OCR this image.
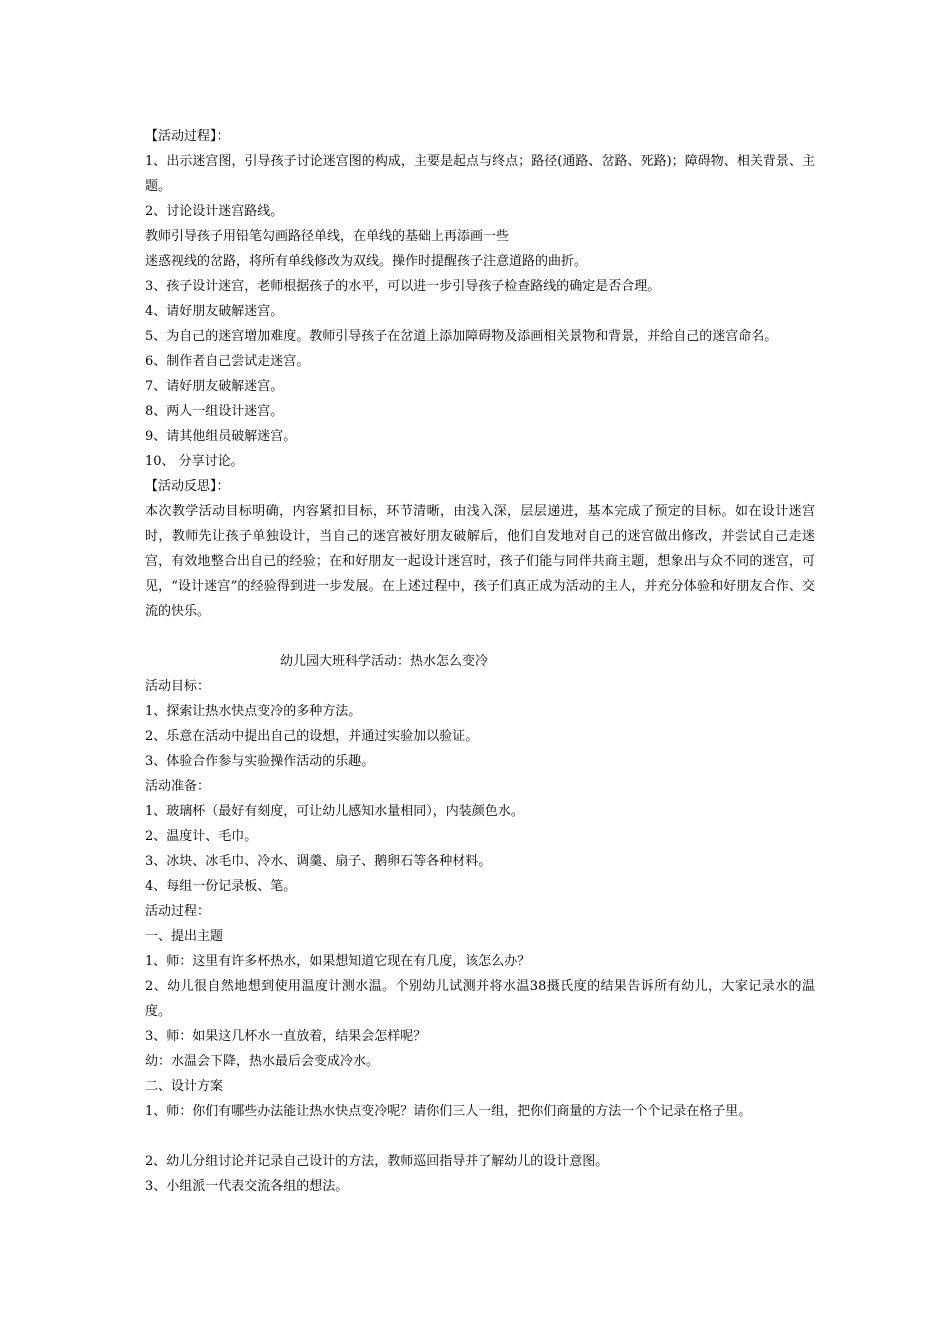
【活动过程】：
1、出示迷宫图，引导孩子讨论迷宫图的构成，主要是起点与终点；路径(通路、岔路、死路)；障碍物、相关背景、主题。
2、讨论设计迷宫路线。
教师引导孩子用铅笔勾画路径单线，在单线的基础上再添画一些
迷惑视线的岔路，将所有单线修改为双线。操作时提醒孩子注意道路的曲折。
3、孩子设计迷宫，老师根据孩子的水平，可以进一步引导孩子检查路线的确定是否合理。
4、请好朋友破解迷宫。
5、为自己的迷宫增加难度。教师引导孩子在岔道上添加障碍物及添画相关景物和背景，并给自己的迷宫命名。
6、制作者自己尝试走迷宫。
7、请好朋友破解迷宫。
8、两人一组设计迷宫。
9、请其他组员破解迷宫。
10、 分享讨论。
【活动反思】：
本次教学活动目标明确，内容紧扣目标，环节清晰，由浅入深，层层递进，基本完成了预定的目标。如在设计迷宫时，教师先让孩子单独设计，当自己的迷宫被好朋友破解后，他们自发地对自己的迷宫做出修改，并尝试自己走迷宫，有效地整合出自己的经验；在和好朋友一起设计迷宫时，孩子们能与同伴共商主题，想象出与众不同的迷宫，可见，“设计迷宫”的经验得到进一步发展。在上述过程中，孩子们真正成为活动的主人，并充分体验和好朋友合作、交流的快乐。
幼儿园大班科学活动：热水怎么变冷
活动目标：
1、探索让热水快点变冷的多种方法。
2、乐意在活动中提出自己的设想，并通过实验加以验证。
3、体验合作参与实验操作活动的乐趣。
活动准备：
1、玻璃杯（最好有刻度，可让幼儿感知水量相同），内装颜色水。
2、温度计、毛巾。
3、冰块、冰毛巾、冷水、调羹、扇子、鹅卵石等各种材料。
4、每组一份记录板、笔。
活动过程：
一、提出主题
1、师：这里有许多杯热水，如果想知道它现在有几度，该怎么办？
2、幼儿很自然地想到使用温度计测水温。个别幼儿试测并将水温38摄氏度的结果告诉所有幼儿，大家记录水的温度。
3、师：如果这几杯水一直放着，结果会怎样呢？
幼：水温会下降，热水最后会变成冷水。
二、设计方案
1、师：你们有哪些办法能让热水快点变冷呢？请你们三人一组，把你们商量的方法一个个记录在格子里。
2、幼儿分组讨论并记录自己设计的方法，教师巡回指导并了解幼儿的设计意图。
3、小组派一代表交流各组的想法。
